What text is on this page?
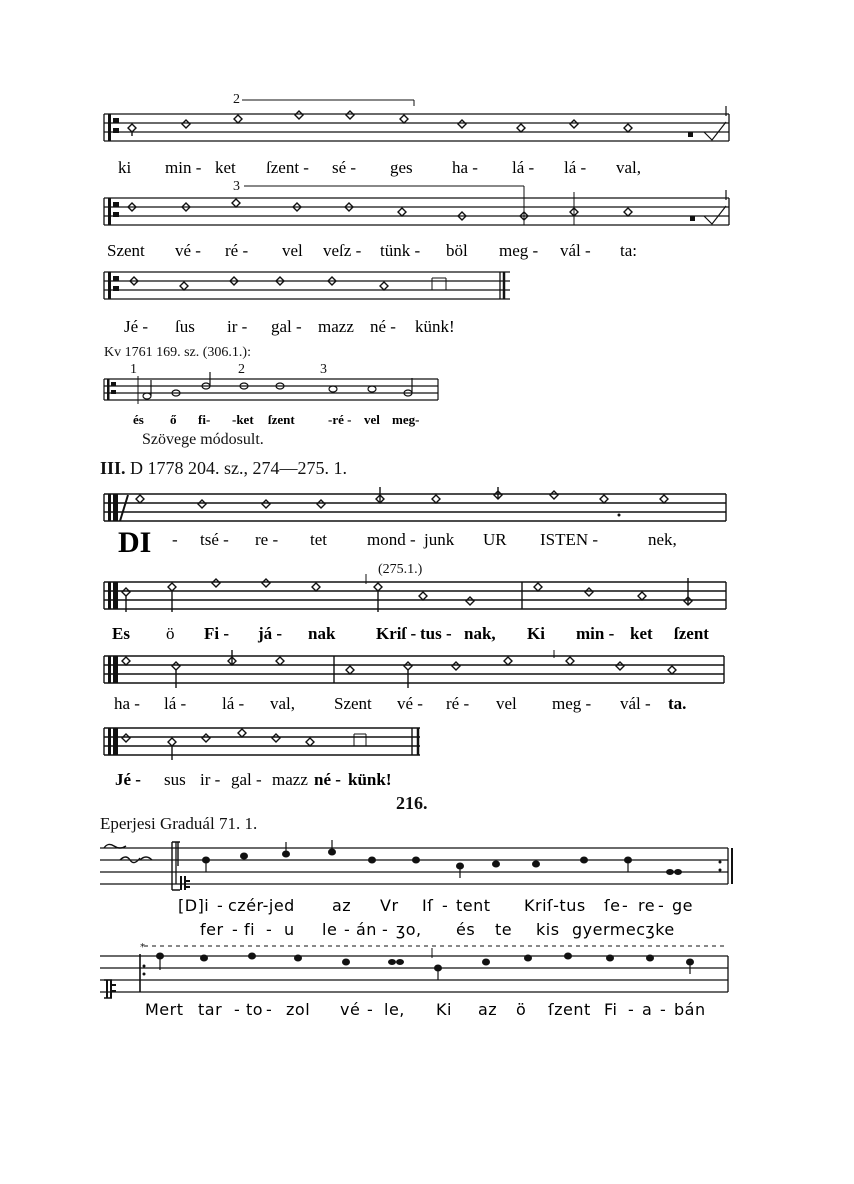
2
ki min - ket ſzent - sé - ges ha - lá - lá - val,
3
Szent vé - ré - vel veſz - tünk - böl meg - vál - ta:
Jé - ſus ir - gal - mazz né - künk!
Kv 1761 169. sz. (306.1.):
1	2	3
és ő fi- -ket ſzent	-ré - vel meg-
Szövege módosult.
III. D 1778 204. sz., 274—275. 1.
DI - tsé - re - tet mond - junk UR ISTEN -	nek,
(275.1.)
Es ö Fi - já - nak Kriſ - tus - nak, Ki min - ket ſzent
ha - lá - lá - val, Szent vé - ré - vel meg - vál - ta.
Jé - sus ir - gal - mazz né - künk!
216.
Eperjesi Graduál 71. 1.
[D]i - czér-jed az Vr Iſ - tent Kriſ-tus ſe - re - ge
fer - fi - u le - án - ʒo, és te kis gyermecʒke
*
Mert tar - to - zol vé - le, Ki az ö ſzent Fi - a - bán
